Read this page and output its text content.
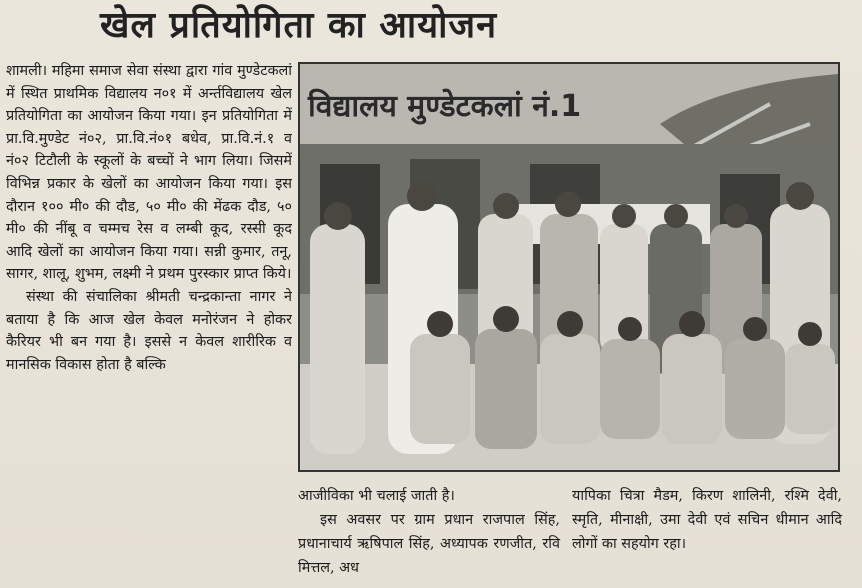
खेल प्रतियोगिता का आयोजन

शामली। महिमा समाज सेवा संस्था द्वारा गांव मुण्डेटकलां में स्थित प्राथमिक विद्यालय न०१ में अर्न्तविद्यालय खेल प्रतियोगिता का आयोजन किया गया। इन प्रतियोगिता में प्रा.वि.मुण्डेट नं०२, प्रा.वि.नं०१ बधेव, प्रा.वि.नं.१ व नं०२ टिटौली के स्कूलों के बच्चों ने भाग लिया। जिसमें विभिन्न प्रकार के खेलों का आयोजन किया गया। इस दौरान १०० मी० की दौड, ५० मी० की मेंढक दौड, ५० मी० की नींबू व चम्मच रेस व लम्बी कूद, रस्सी कूद आदि खेलों का आयोजन किया गया। सन्नी कुमार, तनू, सागर, शालू, शुभम, लक्ष्मी ने प्रथम पुरस्कार प्राप्त किये।

संस्था की संचालिका श्रीमती चन्द्रकान्ता नागर ने बताया है कि आज खेल केवल मनोरंजन ने होकर कैरियर भी बन गया है। इससे न केवल शारीरिक व मानसिक विकास होता है बल्कि

विद्यालय मुण्डेटकलां नं.1

आजीविका भी चलाई जाती है।

इस अवसर पर ग्राम प्रधान राजपाल सिंह, प्रधानाचार्य ऋषिपाल सिंह, अध्यापक रणजीत, रवि मित्तल, अध

यापिका चित्रा मैडम, किरण शालिनी, रश्मि देवी, स्मृति, मीनाक्षी, उमा देवी एवं सचिन धीमान आदि लोगों का सहयोग रहा।
